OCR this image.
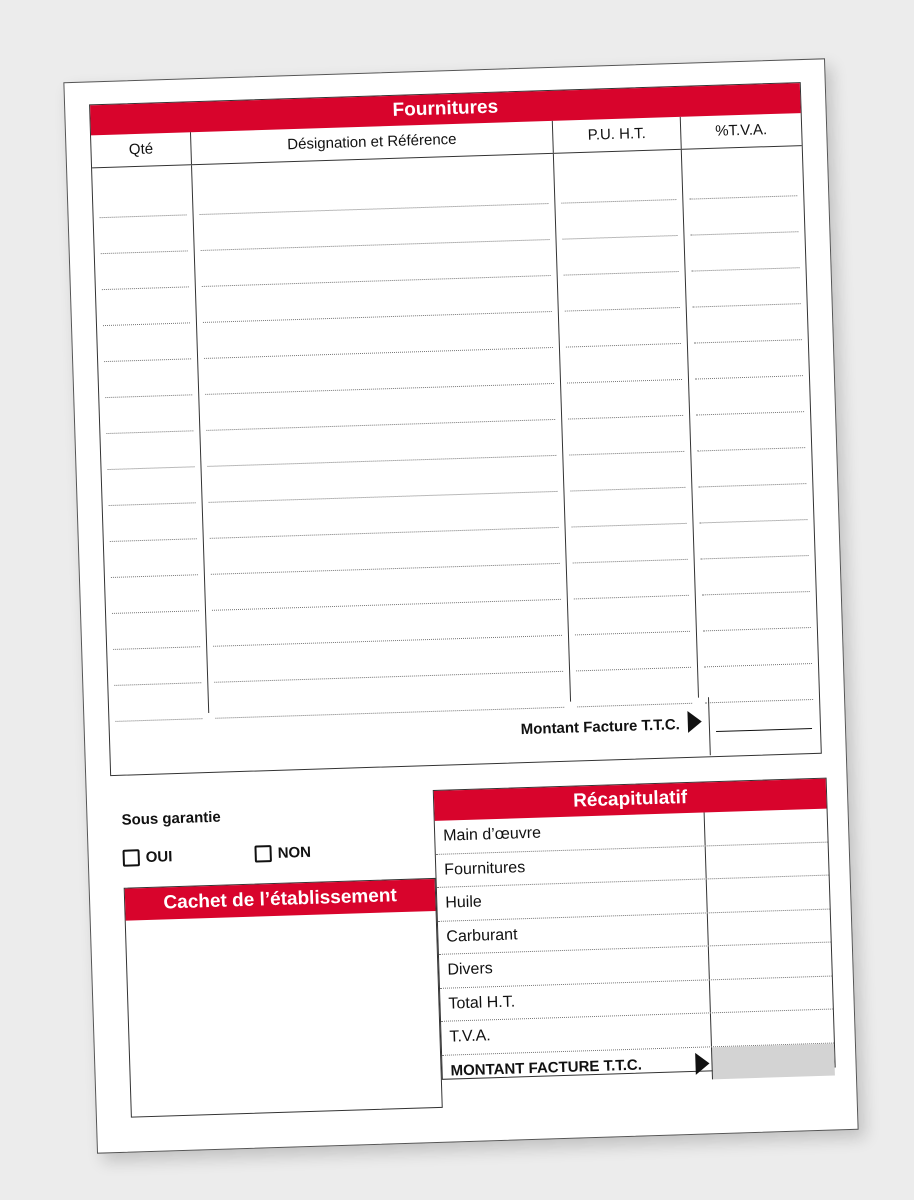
Fournitures
Qté	Désignation et Référence	P.U. H.T.	%T.V.A.
Montant Facture T.T.C.
Sous garantie
OUI	NON
Cachet de l’établissement
Récapitulatif
Main d’œuvre
Fournitures
Huile
Carburant
Divers
Total H.T.
T.V.A.
MONTANT FACTURE T.T.C.
